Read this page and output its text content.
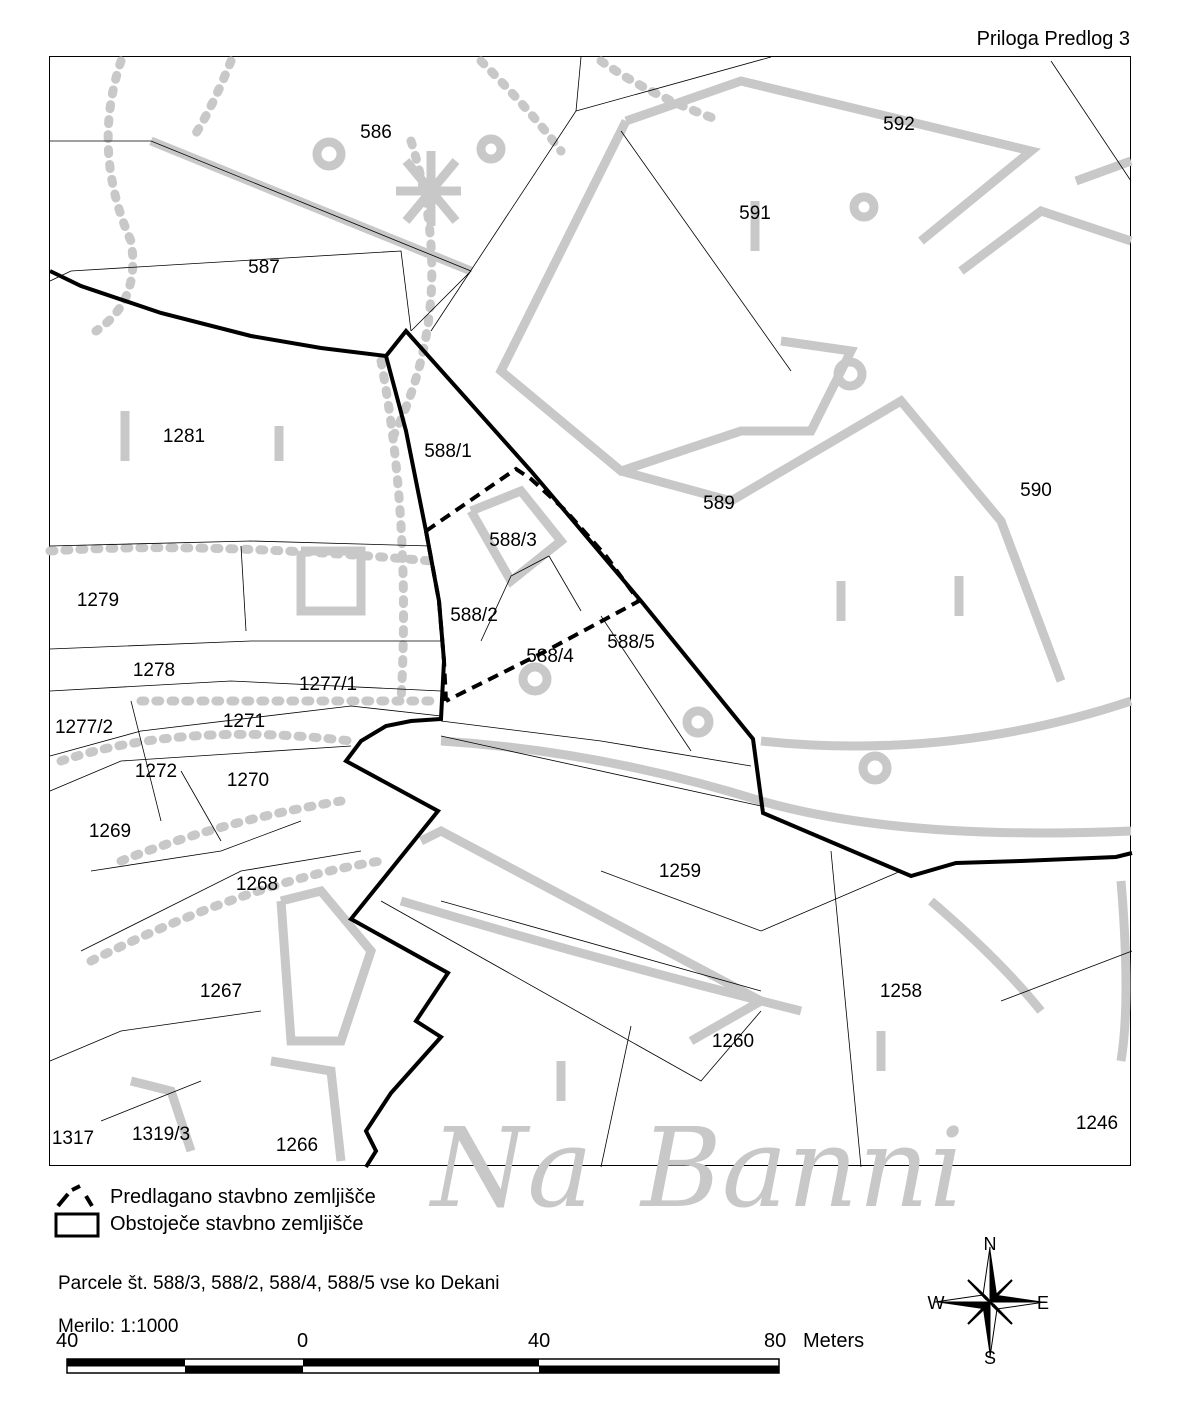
Priloga Predlog 3
Na Banni
586	592
591
587
1281
588/1
589
590
588/3
1279
588/2
588/5
588/4
1278
1277/1
1271
1277/2
1272	1270
1269
1259
1268
1258
1267
1260
1246
1317 1319/3
1266
Predlagano stavbno zemljišče
Obstoječe stavbno zemljišče
Parcele št. 588/3, 588/2, 588/4, 588/5 vse ko Dekani
Merilo: 1:1000
40	0	40	80 Meters
N
S
W	E
